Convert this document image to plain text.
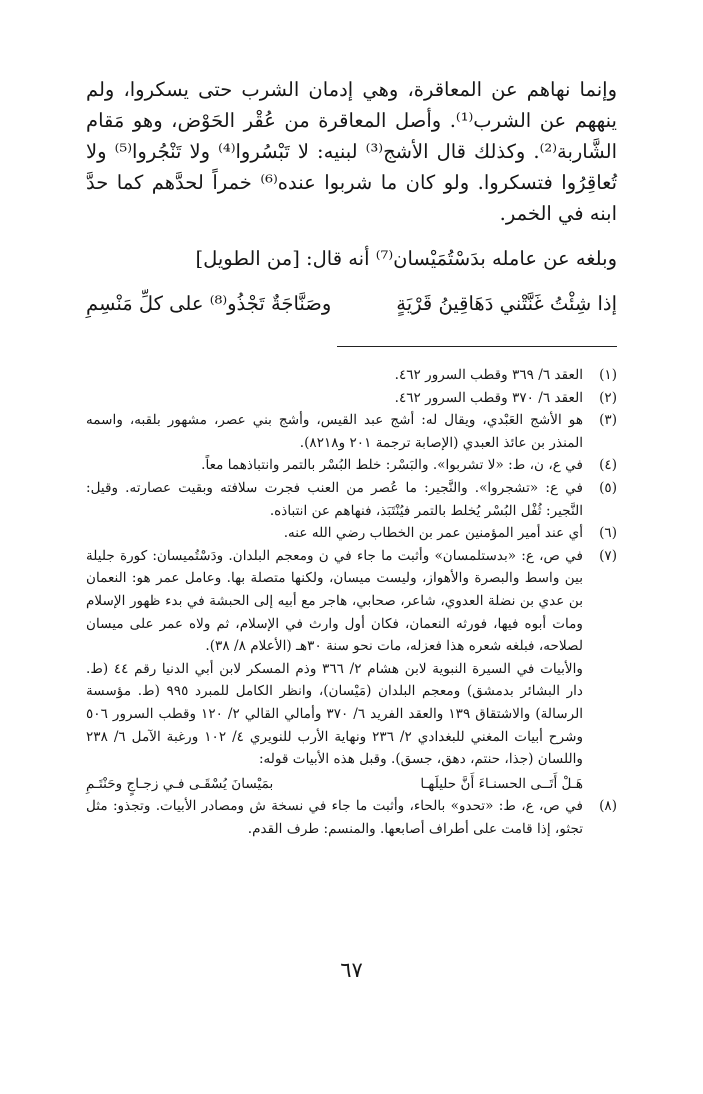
وإنما نهاهم عن المعاقرة، وهي إدمان الشرب حتى يسكروا، ولم ينههم عن الشرب⁽¹⁾. وأصل المعاقرة من عُقْر الحَوْض، وهو مَقام الشَّاربة⁽²⁾. وكذلك قال الأشج⁽³⁾ لبنيه: لا تَبْسُروا⁽⁴⁾ ولا تَنْجُروا⁽⁵⁾ ولا تُعاقِرُوا فتسكروا. ولو كان ما شربوا عنده⁽⁶⁾ خمراً لحدَّهم كما حدَّ ابنه في الخمر.

وبلغه عن عامله بدَسْتُمَيْسان⁽⁷⁾ أنه قال: [من الطويل]

إذا شِئْتُ غَنَّتْني دَهَاقِينُ قَرْيَةٍ
وصَنَّاجَةٌ تَجْذُو⁽⁸⁾ على كلِّ مَنْسِمِ
(١)
العقد ٦/ ٣٦٩ وقطب السرور ٤٦٢.
(٢)
العقد ٦/ ٣٧٠ وقطب السرور ٤٦٢.
(٣)
هو الأشج العَبْدي، ويقال له: أشج عبد القيس، وأشج بني عصر، مشهور بلقبه، واسمه المنذر بن عائذ العبدي (الإصابة ترجمة ٢٠١ و٨٢١٨).
(٤)
في ع، ن، ط: «لا تشربوا». والبَسْر: خلط البُسْر بالتمر وانتباذهما معاً.
(٥)
في ع: «تشجروا». والنَّجير: ما عُصر من العنب فجرت سلافته وبقيت عصارته. وقيل: النَّجير: ثُفْل البُسْر يُخلط بالتمر فيُنْتَبَذ، فنهاهم عن انتباذه.
(٦)
أي عند أمير المؤمنين عمر بن الخطاب رضي الله عنه.
(٧)
في ص، ع: «بدستلمسان» وأثبت ما جاء في ن ومعجم البلدان. ودَسْتُميسان: كورة جليلة بين واسط والبصرة والأهواز، وليست ميسان، ولكنها متصلة بها. وعامل عمر هو: النعمان بن عدي بن نضلة العدوي، شاعر، صحابي، هاجر مع أبيه إلى الحبشة في بدء ظهور الإسلام ومات أبوه فيها، فورثه النعمان، فكان أول وارث في الإسلام، ثم ولاه عمر على ميسان لصلاحه، فبلغه شعره هذا فعزله، مات نحو سنة ٣٠هـ (الأعلام ٨/ ٣٨).
والأبيات في السيرة النبوية لابن هشام ٢/ ٣٦٦ وذم المسكر لابن أبي الدنيا رقم ٤٤ (ط. دار البشائر بدمشق) ومعجم البلدان (مَيْسان)، وانظر الكامل للمبرد ٩٩٥ (ط. مؤسسة الرسالة) والاشتقاق ١٣٩ والعقد الفريد ٦/ ٣٧٠ وأمالي القالي ٢/ ١٢٠ وقطب السرور ٥٠٦ وشرح أبيات المغني للبغدادي ٢/ ٢٣٦ ونهاية الأرب للنويري ٤/ ١٠٢ ورغبة الآمل ٦/ ٢٣٨ واللسان (جذا، حنتم، دهق، جسق). وقبل هذه الأبيات قوله:
هَـلْ أَتَــى الحسنـاءَ أَنَّ حليلَهـا
بمَيْسانَ يُسْقَـى فـي زجـاجٍ وحَنْتَـمِ
(٨)
في ص، ع، ط: «تحدو» بالحاء، وأثبت ما جاء في نسخة ش ومصادر الأبيات. وتجذو: مثل تجثو، إذا قامت على أطراف أصابعها. والمنسم: طرف القدم.
٦٧
